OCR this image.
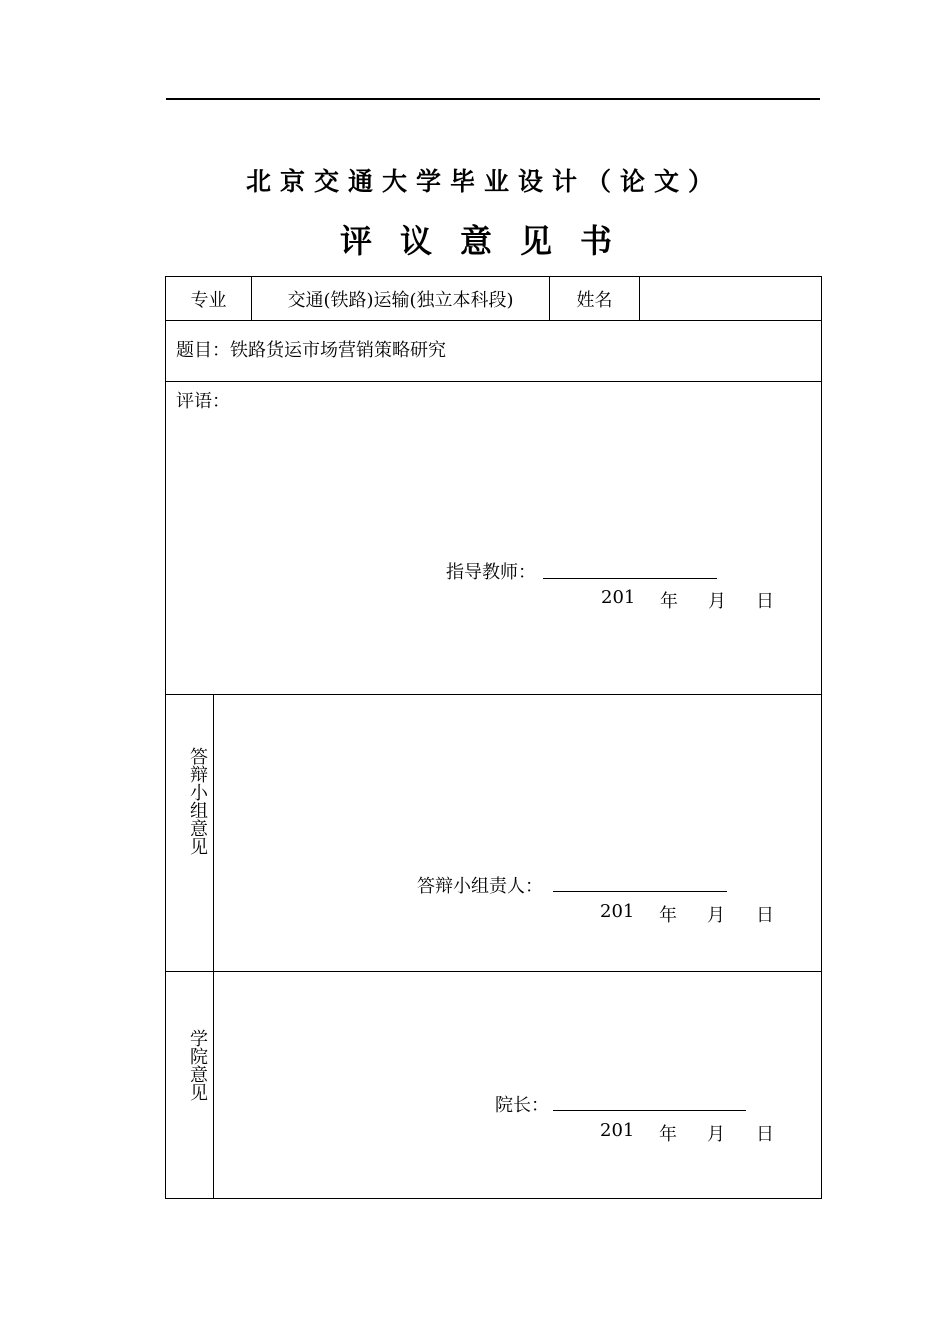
北京交通大学毕业设计（论文）
评议意见书
专业	交通(铁路)运输(独立本科段)	姓名
题目：铁路货运市场营销策略研究
评语：
指导教师：
201 年 月 日
答辩小组意见
答辩小组责人：
201 年 月 日
学院意见
院长：
201 年 月 日
